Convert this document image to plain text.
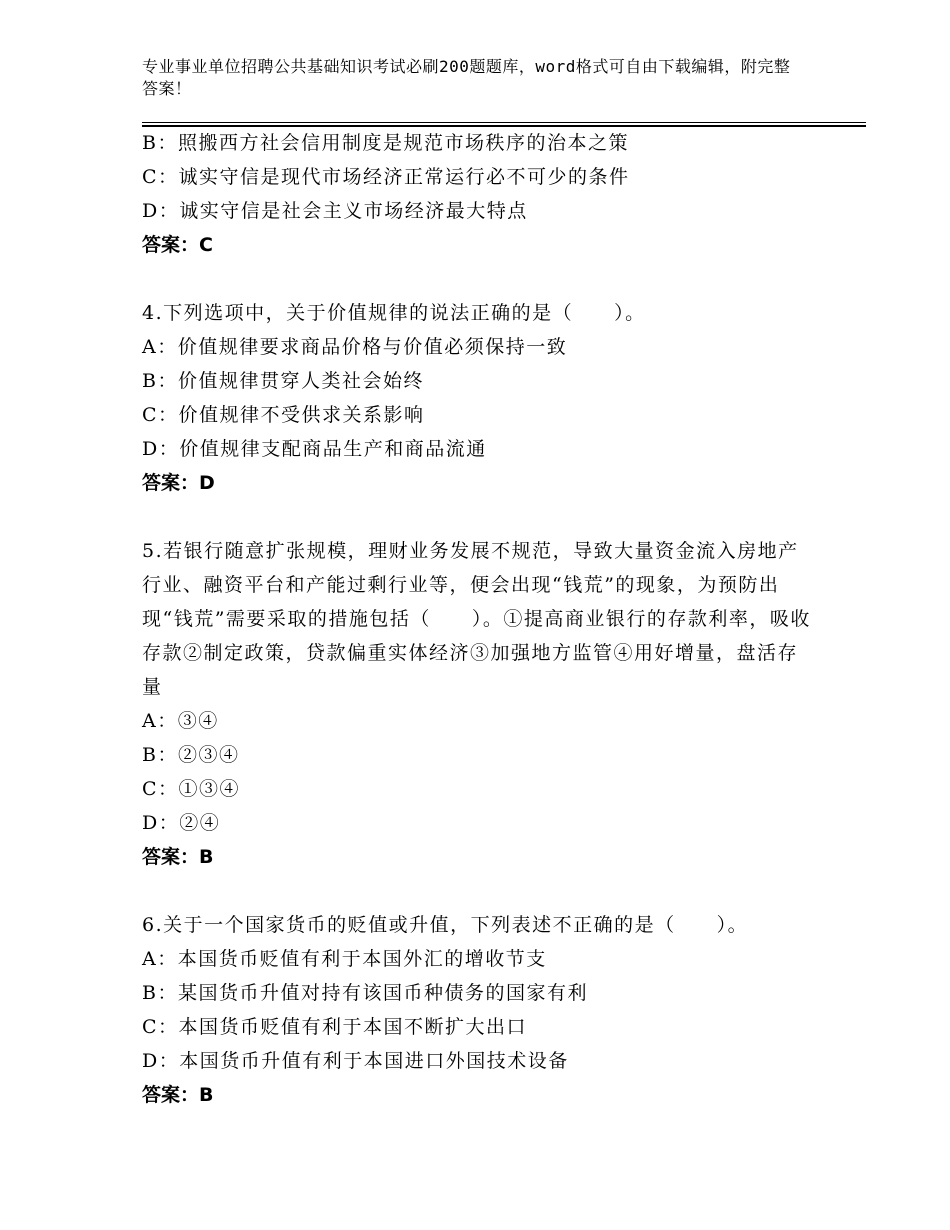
专业事业单位招聘公共基础知识考试必刷200题题库，word格式可自由下载编辑，附完整答案！
B：照搬西方社会信用制度是规范市场秩序的治本之策
C：诚实守信是现代市场经济正常运行必不可少的条件
D：诚实守信是社会主义市场经济最大特点
答案：C
4.下列选项中，关于价值规律的说法正确的是（　　）。
A：价值规律要求商品价格与价值必须保持一致
B：价值规律贯穿人类社会始终
C：价值规律不受供求关系影响
D：价值规律支配商品生产和商品流通
答案：D
5.若银行随意扩张规模，理财业务发展不规范，导致大量资金流入房地产行业、融资平台和产能过剩行业等，便会出现“钱荒”的现象，为预防出现“钱荒”需要采取的措施包括（　　）。①提高商业银行的存款利率，吸收存款②制定政策，贷款偏重实体经济③加强地方监管④用好增量，盘活存量
A：③④
B：②③④
C：①③④
D：②④
答案：B
6.关于一个国家货币的贬值或升值，下列表述不正确的是（　　）。
A：本国货币贬值有利于本国外汇的增收节支
B：某国货币升值对持有该国币种债务的国家有利
C：本国货币贬值有利于本国不断扩大出口
D：本国货币升值有利于本国进口外国技术设备
答案：B
